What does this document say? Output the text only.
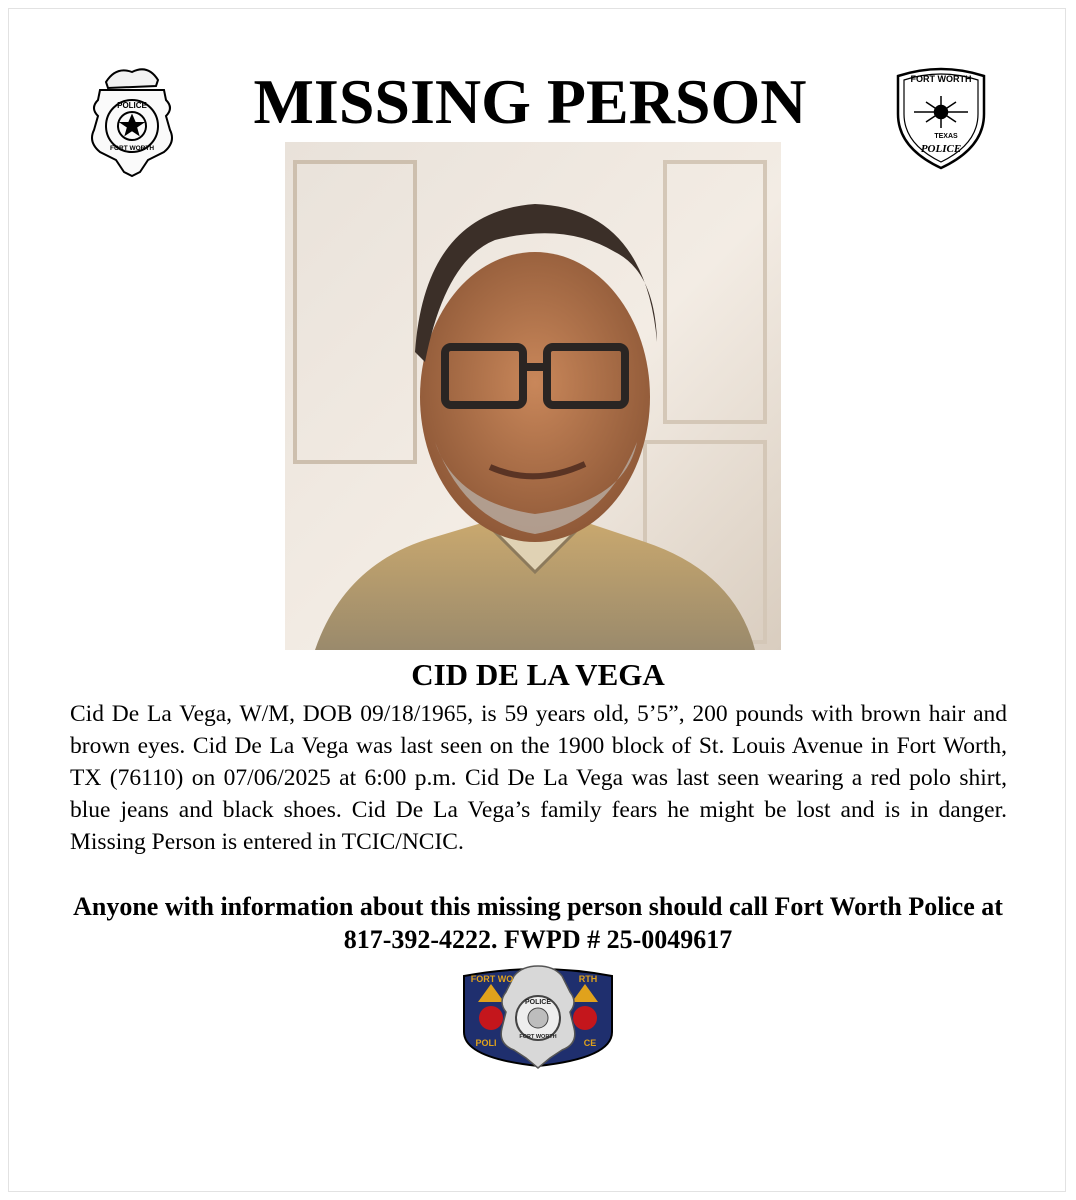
POLICE
FORT WORTH
MISSING PERSON	FORT WORTH
TEXAS
POLICE
CID DE LA VEGA
Cid De La Vega, W/M, DOB 09/18/1965, is 59 years old, 5’5”, 200 pounds with brown hair and brown eyes. Cid De La Vega was last seen on the 1900 block of St. Louis Avenue in Fort Worth, TX (76110) on 07/06/2025 at 6:00 p.m. Cid De La Vega was last seen wearing a red polo shirt, blue jeans and black shoes. Cid De La Vega’s family fears he might be lost and is in danger. Missing Person is entered in TCIC/NCIC.
Anyone with information about this missing person should call Fort Worth Police at 817-392-4222. FWPD # 25-0049617
FORT WO	RTH
POLI	CE
POLICE
FORT WORTH
